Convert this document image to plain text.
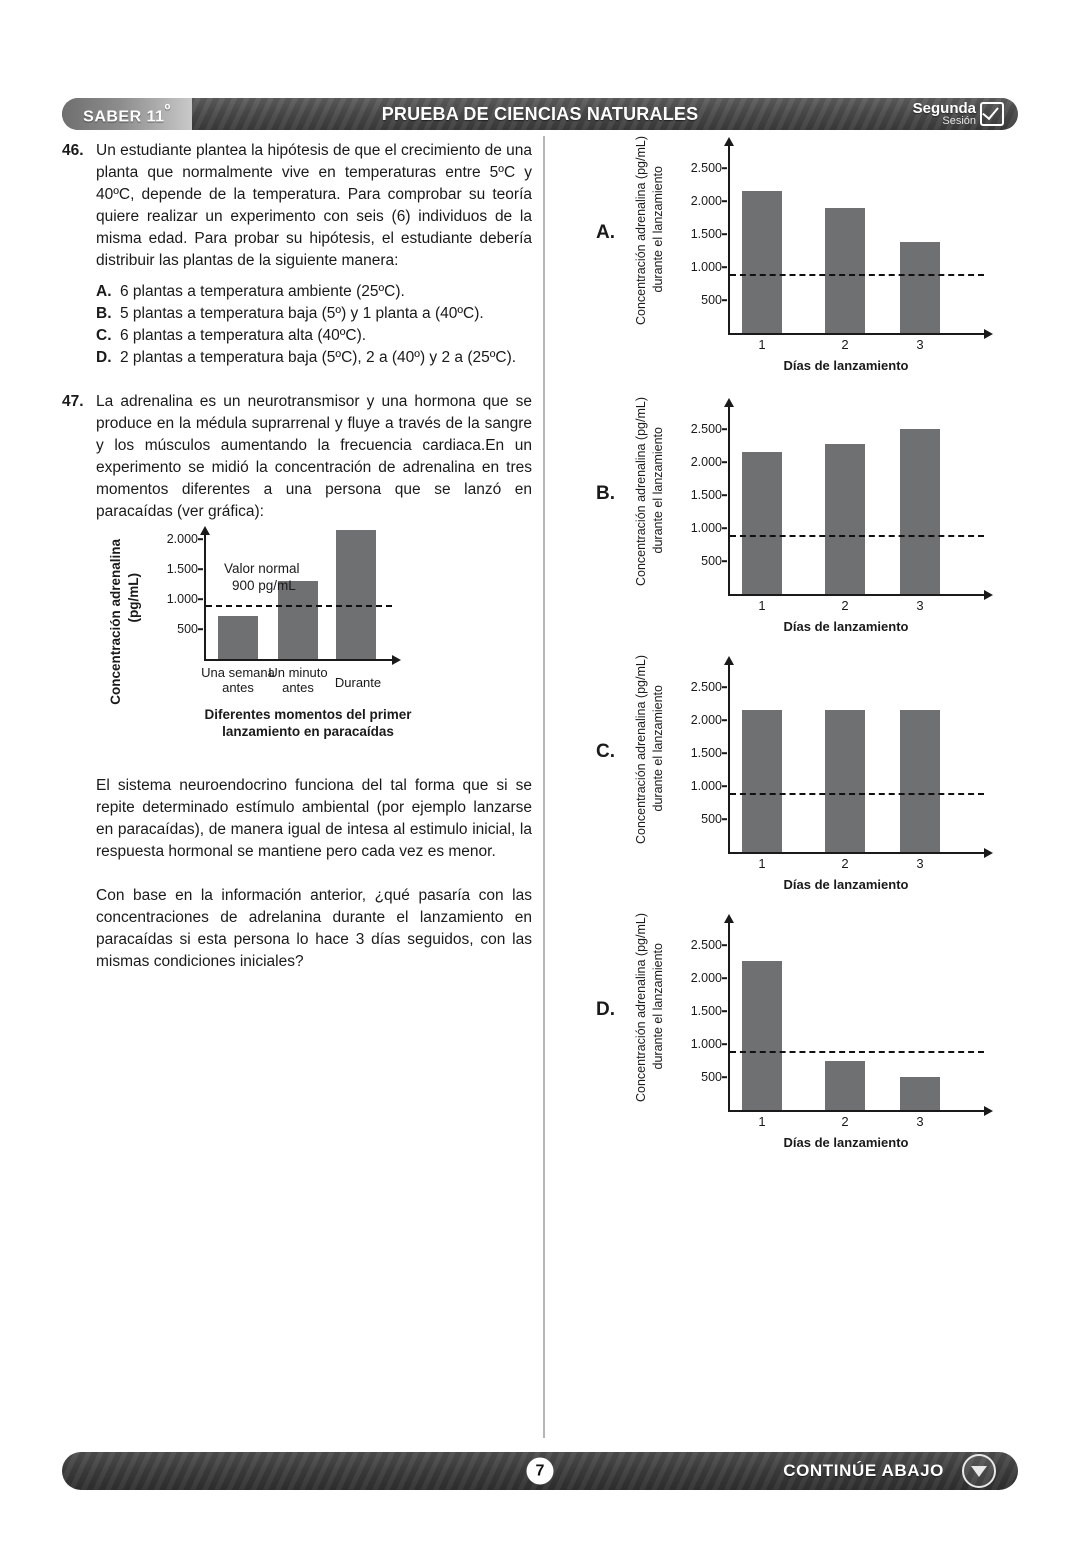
PRUEBA DE CIENCIAS NATURALES
SABER 11º	Segunda
Sesión
46. Un estudiante plantea la hipótesis de que el crecimiento de una planta que normalmente vive en temperaturas entre 5ºC y 40ºC, depende de la temperatura. Para comprobar su teoría quiere realizar un experimento con seis (6) individuos de la misma edad. Para probar su hipótesis, el estudiante debería distribuir las plantas de la siguiente manera:
A. 6 plantas a temperatura ambiente (25ºC).
B. 5 plantas a temperatura baja (5º) y 1 planta a (40ºC).
C. 6 plantas a temperatura alta (40ºC).
D. 2 plantas a temperatura baja (5ºC), 2 a (40º) y 2 a (25ºC).
47. La adrenalina es un neurotransmisor y una hormona que se produce en la médula suprarrenal y fluye a través de la sangre y los músculos aumentando la frecuencia cardiaca.En un experimento se midió la concentración de adrenalina en tres momentos diferentes a una persona que se lanzó en paracaídas (ver gráfica):
Concentración adrenalina (pg/mL)
2.000
1.500
1.000
500
Valor normal
900 pg/mL
Una semana
antes
Un minuto
antes	Durante
Diferentes momentos del primer
lanzamiento en paracaídas
El sistema neuroendocrino funciona del tal forma que si se repite determinado estímulo ambiental (por ejemplo lanzarse en paracaídas), de manera igual de intesa al estimulo inicial, la respuesta hormonal se mantiene pero cada vez es menor.
Con base en la información anterior, ¿qué pasaría con las concentraciones de adrelanina durante el lanzamiento en paracaídas si esta persona lo hace 3 días seguidos, con las mismas condiciones iniciales?
A. Concentración adrenalina (pg/mL) durante el lanzamiento	2.500
2.000
1.500
1.000
500
1	2	3
Días de lanzamiento
B. Concentración adrenalina (pg/mL) durante el lanzamiento	2.500
2.000
1.500
1.000
500
1	2	3
Días de lanzamiento
C. Concentración adrenalina (pg/mL) durante el lanzamiento	2.500
2.000
1.500
1.000
500
1	2	3
Días de lanzamiento
D. Concentración adrenalina (pg/mL) durante el lanzamiento	2.500
2.000
1.500
1.000
500
1	2	3
Días de lanzamiento
7	CONTINÚE ABAJO
